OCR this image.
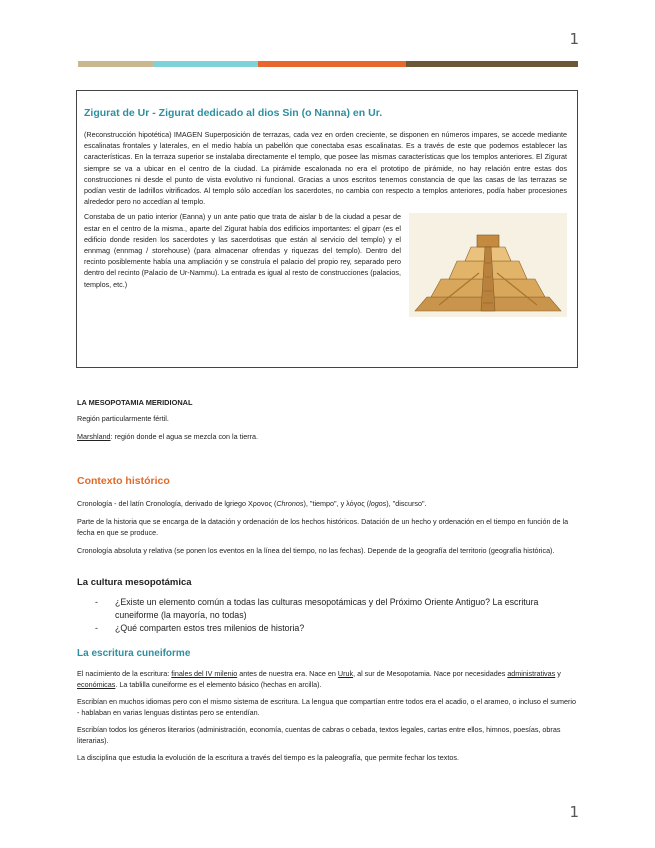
1
Zigurat de Ur - Zigurat dedicado al dios Sin (o Nanna) en Ur.

(Reconstrucción hipotética) IMAGEN Superposición de terrazas, cada vez en orden creciente, se disponen en números impares, se accede mediante escalinatas frontales y laterales, en el medio había un pabellón que conectaba esas escalinatas. Es a través de este que podemos establecer las características. En la terraza superior se instalaba directamente el templo, que posee las mismas características que los templos anteriores. El Zigurat siempre se va a ubicar en el centro de la ciudad. La pirámide escalonada no era el prototipo de pirámide, no hay relación entre estas dos construcciones ni desde el punto de vista evolutivo ni funcional. Gracias a unos escritos tenemos constancia de que las casas de las terrazas se podían vestir de ladrillos vitrificados. Al templo sólo accedían los sacerdotes, no cambia con respecto a templos anteriores, podía haber procesiones alrededor pero no accedían al templo.

Constaba de un patio interior (Eanna) y un ante patio que trata de aislar b de la ciudad a pesar de estar en el centro de la misma., aparte del Zigurat había dos edificios importantes: el giparr (es el edificio donde residen los sacerdotes y las sacerdotisas que están al servicio del templo) y el ennmag (ennmag / storehouse) (para almacenar ofrendas y riquezas del templo). Dentro del recinto posiblemente había una ampliación y se construía el palacio del propio rey, separado pero dentro del recinto (Palacio de Ur-Nammu). La entrada es igual al resto de construcciones (palacios, templos, etc.)

LA MESOPOTAMIA MERIDIONAL

Región particularmente fértil.

Marshland: región donde el agua se mezcla con la tierra.

Contexto histórico

Cronología - del latín Cronología, derivado de lgriego Χρονος (Chronos), "tiempo", y λόγος (logos), "discurso".

Parte de la historia que se encarga de la datación y ordenación de los hechos históricos. Datación de un hecho y ordenación en el tiempo en función de la fecha en que se produce.

Cronología absoluta y relativa (se ponen los eventos en la línea del tiempo, no las fechas). Depende de la geografía del territorio (geografía histórica).

La cultura mesopotámica
- ¿Existe un elemento común a todas las culturas mesopotámicas y del Próximo Oriente Antiguo? La escritura cuneiforme (la mayoría, no todas)
- ¿Qué comparten estos tres milenios de historia?
La escritura cuneiforme

El nacimiento de la escritura: finales del IV milenio antes de nuestra era. Nace en Uruk, al sur de Mesopotamia. Nace por necesidades administrativas y económicas. La tablilla cuneiforme es el elemento básico (hechas en arcilla).

Escribían en muchos idiomas pero con el mismo sistema de escritura. La lengua que compartían entre todos era el acadio, o el arameo, o incluso el sumerio - hablaban en varias lenguas distintas pero se entendían.

Escribían todos los géneros literarios (administración, economía, cuentas de cabras o cebada, textos legales, cartas entre ellos, himnos, poesías, obras literarias).

La disciplina que estudia la evolución de la escritura a través del tiempo es la paleografía, que permite fechar los textos.

1
